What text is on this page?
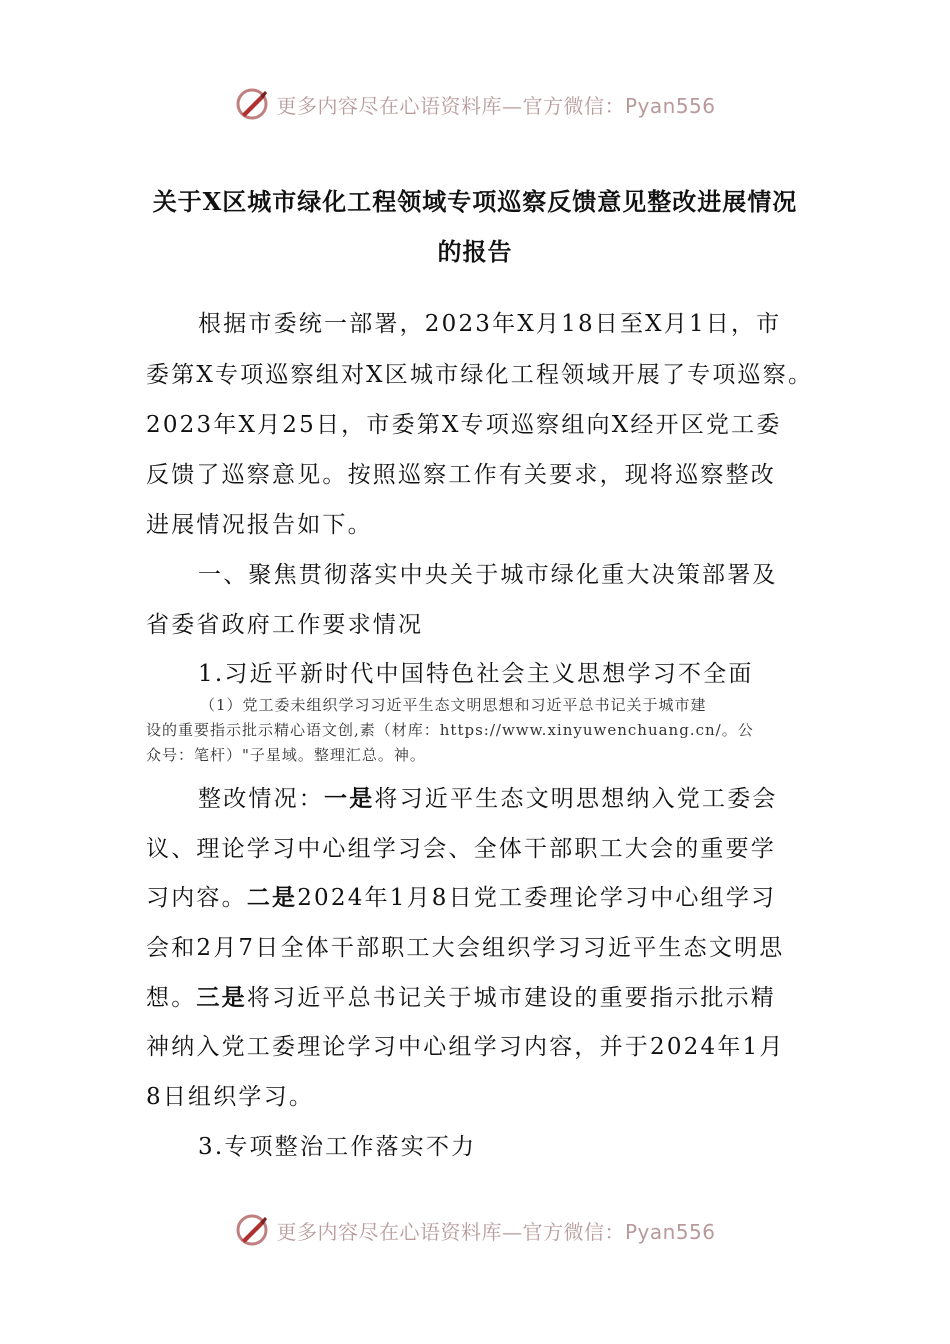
更多内容尽在心语资料库—官方微信：Pyan556
关于X区城市绿化工程领域专项巡察反馈意见整改进展情况
的报告
根据市委统一部署，2023年X月18日至X月1日，市
委第X专项巡察组对X区城市绿化工程领域开展了专项巡察。
2023年X月25日，市委第X专项巡察组向X经开区党工委
反馈了巡察意见。按照巡察工作有关要求，现将巡察整改
进展情况报告如下。
一、聚焦贯彻落实中央关于城市绿化重大决策部署及
省委省政府工作要求情况
1.习近平新时代中国特色社会主义思想学习不全面
（1）党工委未组织学习习近平生态文明思想和习近平总书记关于城市建
设的重要指示批示精心语文创,素（材库：https://www.xinyuwenchuang.cn/。公
众号：笔杆）"子星域。整理汇总。神。
整改情况：一是将习近平生态文明思想纳入党工委会
议、理论学习中心组学习会、全体干部职工大会的重要学
习内容。二是2024年1月8日党工委理论学习中心组学习
会和2月7日全体干部职工大会组织学习习近平生态文明思
想。三是将习近平总书记关于城市建设的重要指示批示精
神纳入党工委理论学习中心组学习内容，并于2024年1月
8日组织学习。
3.专项整治工作落实不力
更多内容尽在心语资料库—官方微信：Pyan556
